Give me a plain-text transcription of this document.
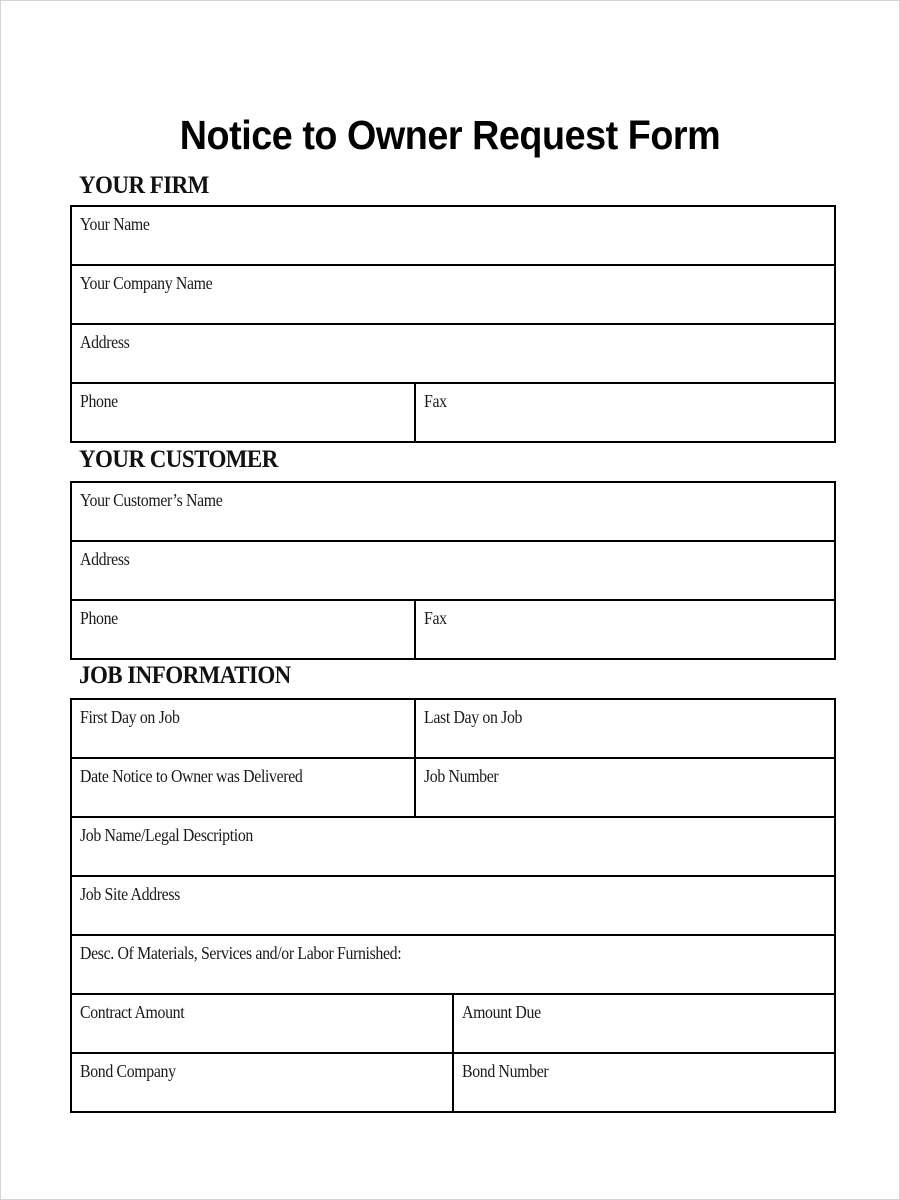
Notice to Owner Request Form
YOUR FIRM
Your Name
Your Company Name
Address
Phone	Fax
YOUR CUSTOMER
Your Customer’s Name
Address
Phone	Fax
JOB INFORMATION
First Day on Job	Last Day on Job
Date Notice to Owner was Delivered	Job Number
Job Name/Legal Description
Job Site Address
Desc. Of Materials, Services and/or Labor Furnished:
Contract Amount	Amount Due
Bond Company	Bond Number
